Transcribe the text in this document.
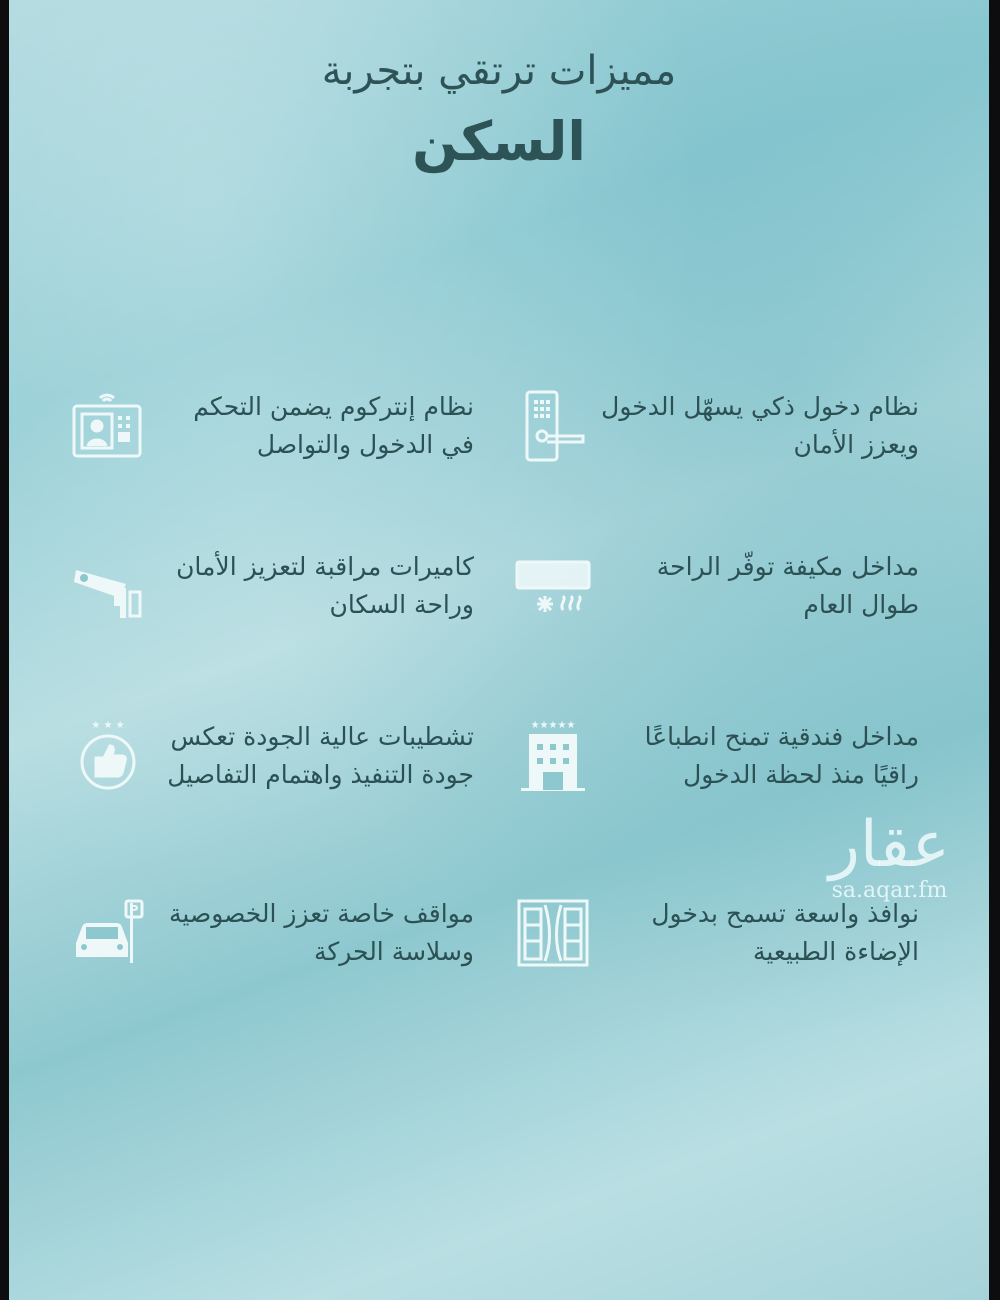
مميزات ترتقي بتجربة
السكن
نظام دخول ذكي يسهّل الدخول
ويعزز الأمان
مداخل مكيفة توفّر الراحة
طوال العام
★★★★★	مداخل فندقية تمنح انطباعًا
راقيًا منذ لحظة الدخول
نوافذ واسعة تسمح بدخول
الإضاءة الطبيعية
نظام إنتركوم يضمن التحكم
في الدخول والتواصل
كاميرات مراقبة لتعزيز الأمان
وراحة السكان
★ ★ ★ تشطيبات عالية الجودة تعكس
جودة التنفيذ واهتمام التفاصيل
P مواقف خاصة تعزز الخصوصية
وسلاسة الحركة
عقار
sa.aqar.fm
